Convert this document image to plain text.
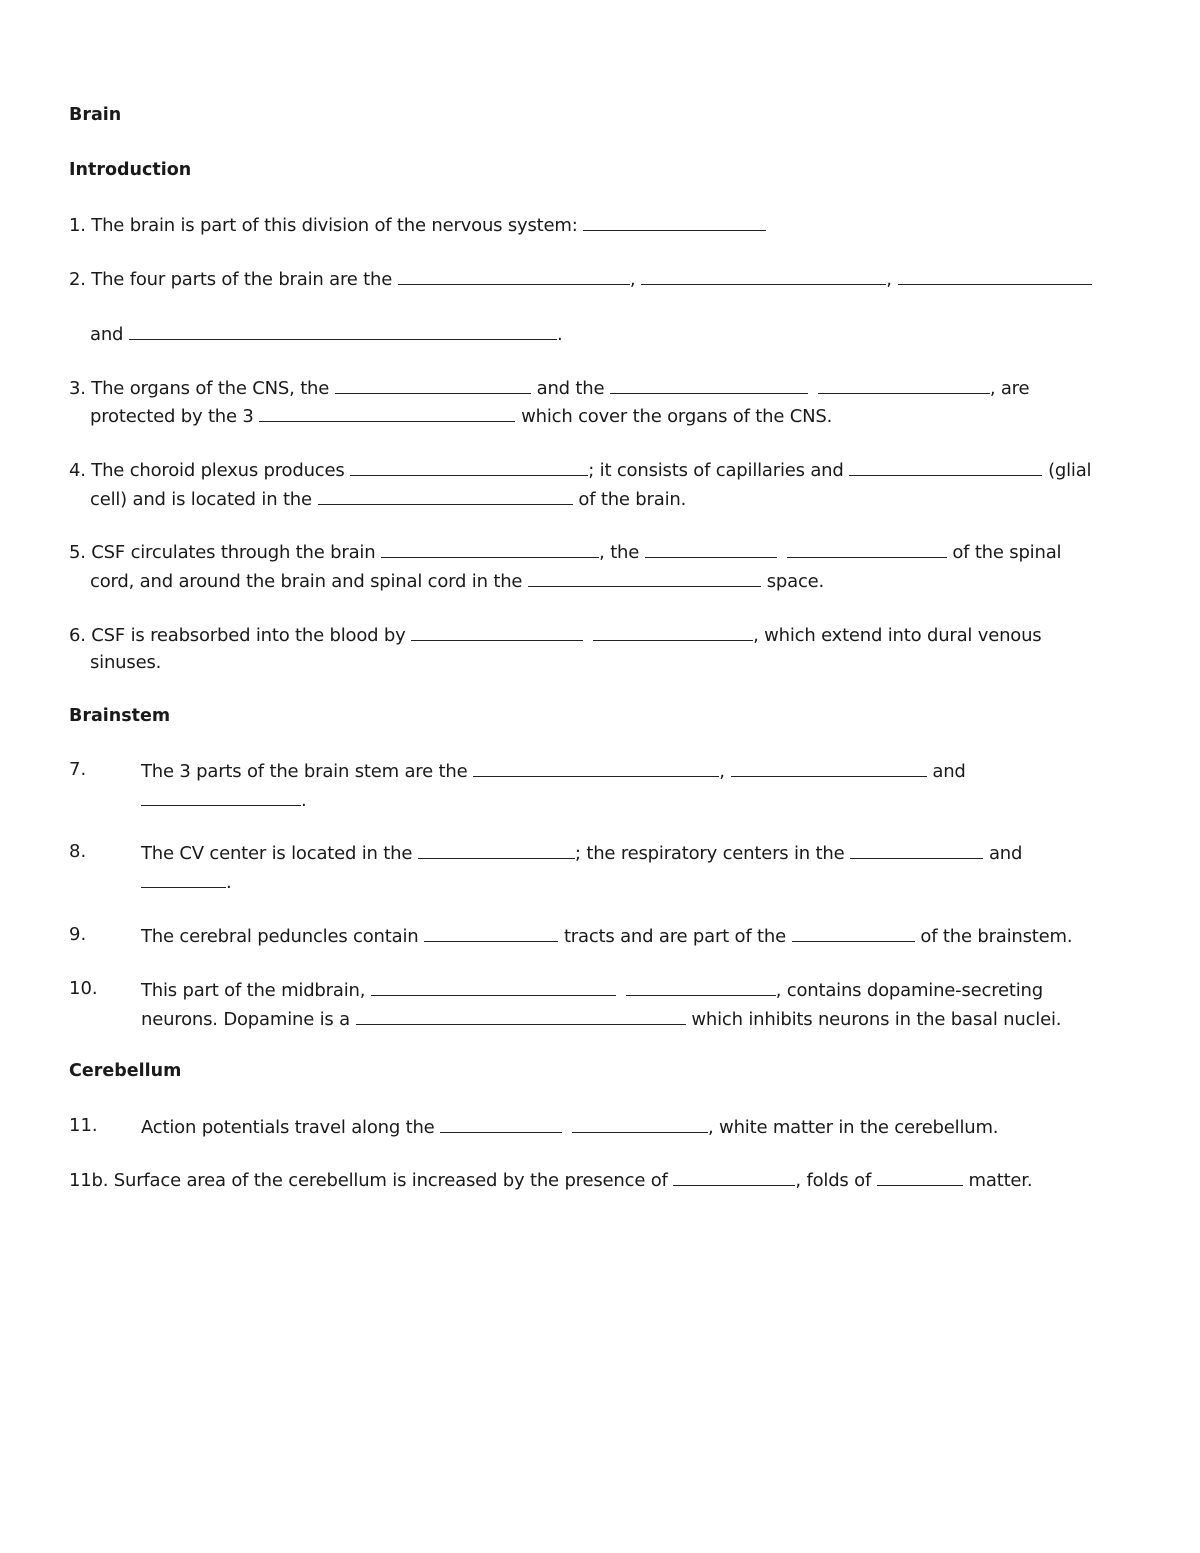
Brain
Introduction
1. The brain is part of this division of the nervous system:
2. The four parts of the brain are the	,	,
and	.
3. The organs of the CNS, the	and the	, are
protected by the 3	which cover the organs of the CNS.
4. The choroid plexus produces	; it consists of capillaries and	(glial
cell) and is located in the	of the brain.
5. CSF circulates through the brain	, the	of the spinal
cord, and around the brain and spinal cord in the	space.
6. CSF is reabsorbed into the blood by	, which extend into dural venous
sinuses.
Brainstem
7.	The 3 parts of the brain stem are the	,	and
.
8.	The CV center is located in the	; the respiratory centers in the	and
.
9.	The cerebral peduncles contain	tracts and are part of the	of the brainstem.
10. This part of the midbrain,	, contains dopamine-secreting
neurons. Dopamine is a	which inhibits neurons in the basal nuclei.
Cerebellum
11. Action potentials travel along the	, white matter in the cerebellum.
11b. Surface area of the cerebellum is increased by the presence of	, folds of	matter.
